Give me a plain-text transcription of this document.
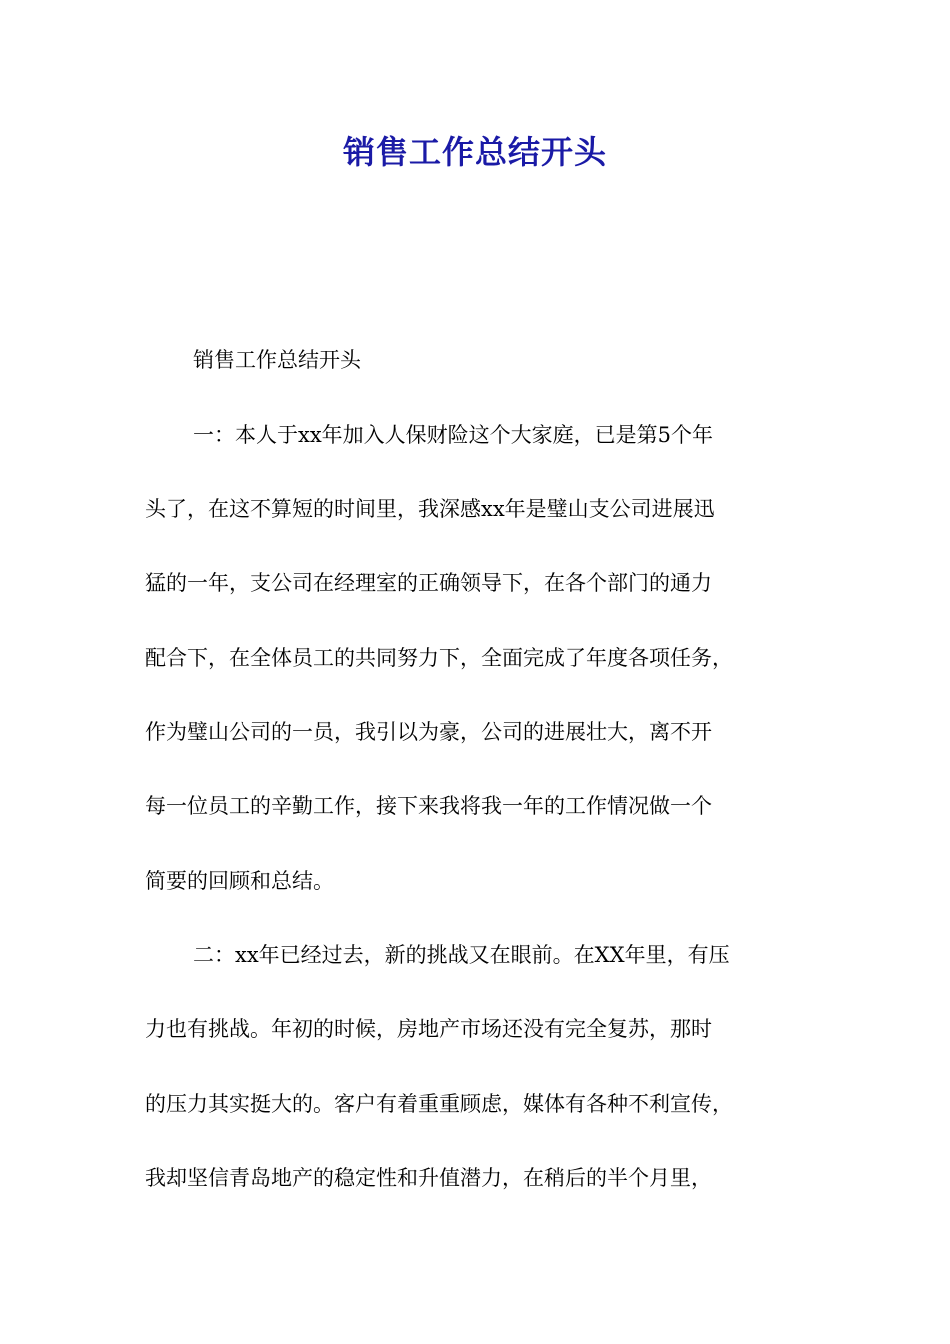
销售工作总结开头

销售工作总结开头

一：本人于xx年加入人保财险这个大家庭，已是第5个年

头了，在这不算短的时间里，我深感xx年是璧山支公司进展迅

猛的一年，支公司在经理室的正确领导下，在各个部门的通力

配合下，在全体员工的共同努力下，全面完成了年度各项任务，

作为璧山公司的一员，我引以为豪，公司的进展壮大，离不开

每一位员工的辛勤工作，接下来我将我一年的工作情况做一个

简要的回顾和总结。

二：xx年已经过去，新的挑战又在眼前。在XX年里，有压

力也有挑战。年初的时候，房地产市场还没有完全复苏，那时

的压力其实挺大的。客户有着重重顾虑，媒体有各种不利宣传，

我却坚信青岛地产的稳定性和升值潜力，在稍后的半个月里，
